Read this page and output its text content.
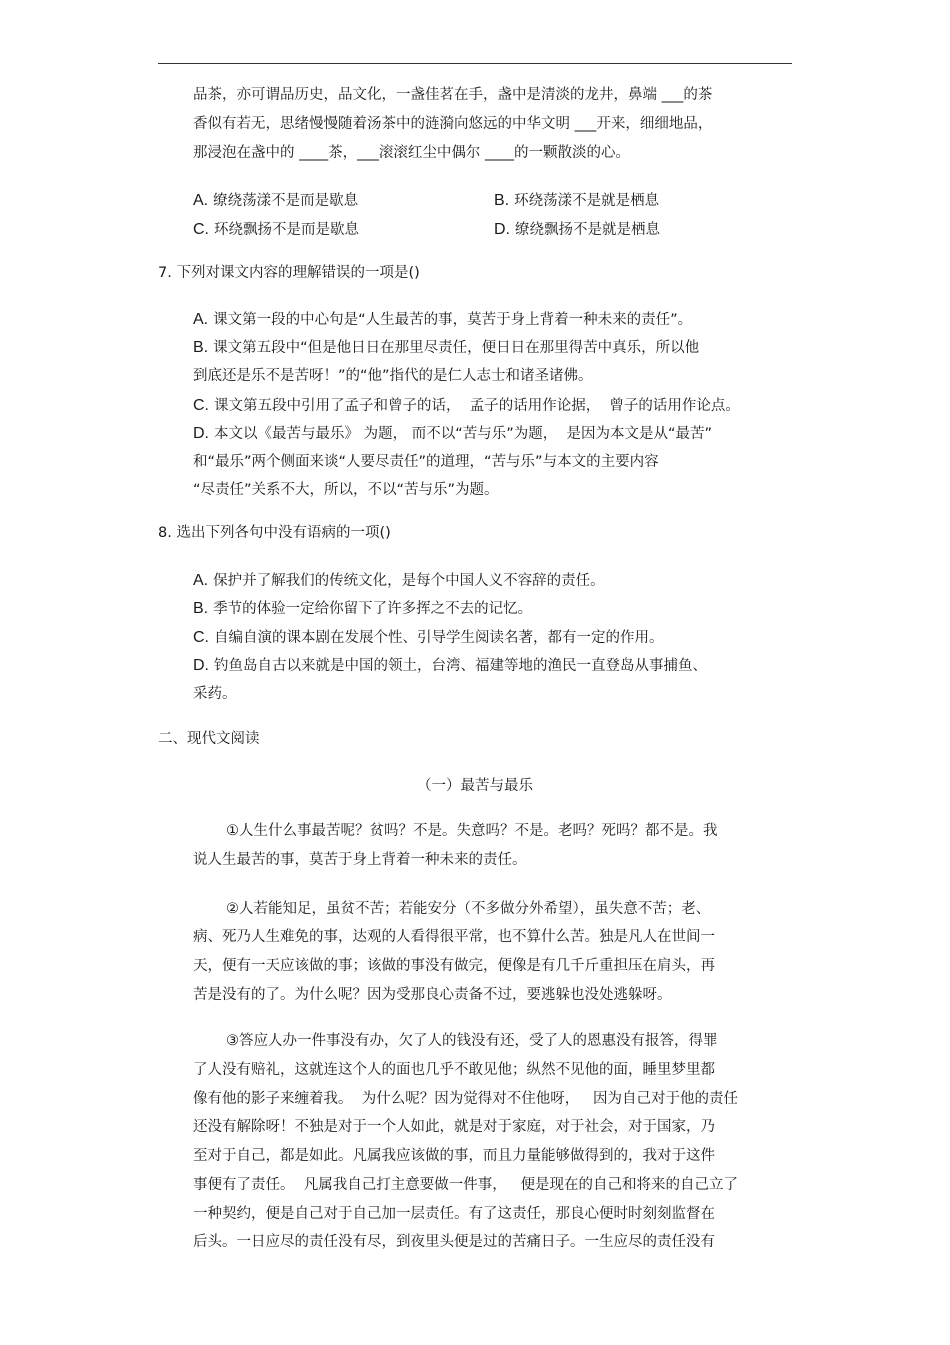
品茶，亦可谓品历史，品文化，一盏佳茗在手，盏中是清淡的龙井，鼻端 ___的茶
香似有若无，思绪慢慢随着汤茶中的涟漪向悠远的中华文明 ___开来，细细地品，
那浸泡在盏中的 ____茶，___滚滚红尘中偶尔 ____的一颗散淡的心。
A. 缭绕荡漾不是而是歇息	B. 环绕荡漾不是就是栖息
C. 环绕飘扬不是而是歇息	D. 缭绕飘扬不是就是栖息
7. 下列对课文内容的理解错误的一项是()
A. 课文第一段的中心句是“人生最苦的事，莫苦于身上背着一种未来的责任”。
B. 课文第五段中“但是他日日在那里尽责任，便日日在那里得苦中真乐，所以他
到底还是乐不是苦呀！”的“他”指代的是仁人志士和诸圣诸佛。
C. 课文第五段中引用了孟子和曾子的话，  孟子的话用作论据，  曾子的话用作论点。
D. 本文以《最苦与最乐》 为题， 而不以“苦与乐”为题，  是因为本文是从“最苦”
和“最乐”两个侧面来谈“人要尽责任”的道理，“苦与乐”与本文的主要内容
“尽责任”关系不大，所以，不以“苦与乐”为题。
8. 选出下列各句中没有语病的一项()
A. 保护并了解我们的传统文化，是每个中国人义不容辞的责任。
B. 季节的体验一定给你留下了许多挥之不去的记忆。
C. 自编自演的课本剧在发展个性、引导学生阅读名著，都有一定的作用。
D. 钓鱼岛自古以来就是中国的领土，台湾、福建等地的渔民一直登岛从事捕鱼、
采药。
二、现代文阅读
（一）最苦与最乐
①人生什么事最苦呢？贫吗？不是。失意吗？不是。老吗？死吗？都不是。我
说人生最苦的事，莫苦于身上背着一种未来的责任。
②人若能知足，虽贫不苦；若能安分（不多做分外希望），虽失意不苦；老、
病、死乃人生难免的事，达观的人看得很平常，也不算什么苦。独是凡人在世间一
天，便有一天应该做的事；该做的事没有做完，便像是有几千斤重担压在肩头，再
苦是没有的了。为什么呢？因为受那良心责备不过，要逃躲也没处逃躲呀。
③答应人办一件事没有办，欠了人的钱没有还，受了人的恩惠没有报答，得罪
了人没有赔礼，这就连这个人的面也几乎不敢见他；纵然不见他的面，睡里梦里都
像有他的影子来缠着我。  为什么呢？因为觉得对不住他呀，   因为自己对于他的责任
还没有解除呀！不独是对于一个人如此，就是对于家庭，对于社会，对于国家，乃
至对于自己，都是如此。凡属我应该做的事，而且力量能够做得到的，我对于这件
事便有了责任。  凡属我自己打主意要做一件事，   便是现在的自己和将来的自己立了
一种契约，便是自己对于自己加一层责任。有了这责任，那良心便时时刻刻监督在
后头。一日应尽的责任没有尽，到夜里头便是过的苦痛日子。一生应尽的责任没有
